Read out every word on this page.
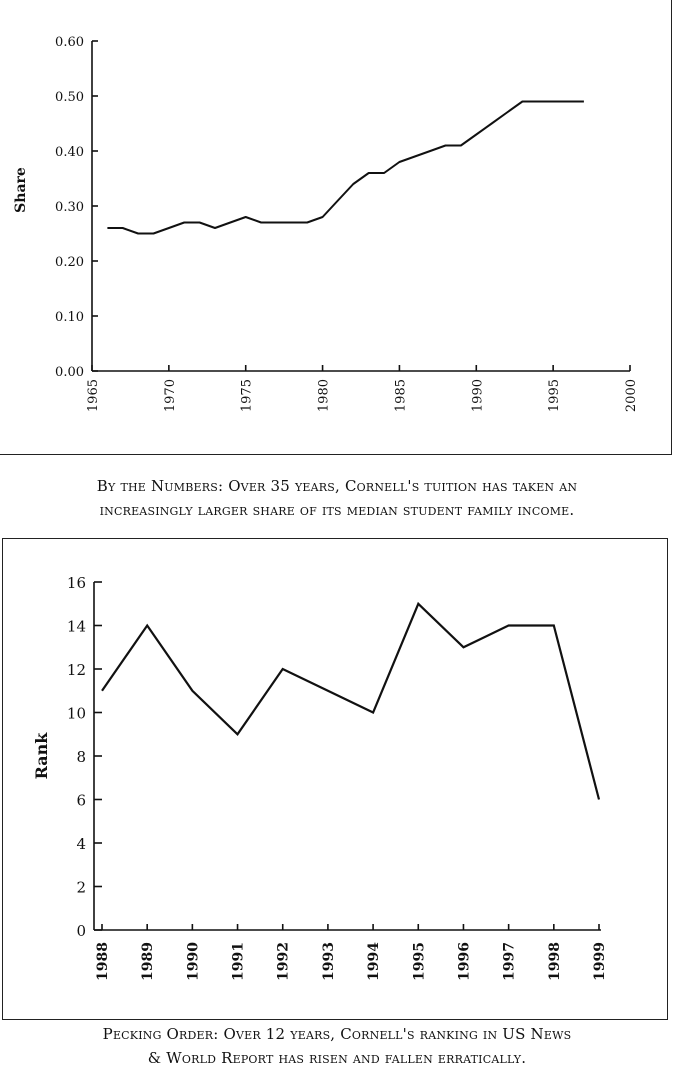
0.00
0.10
0.20
0.30
0.40
0.50
0.60
1965	1970	1975	1980	1985	1990	1995	2000
Share
0
2
4
6
8
10
12
14
16
1988 1989 1990 1991 1992 1993 1994 1995 1996 1997 1998 1999
Rank
By the Numbers: Over 35 years, Cornell's tuition has taken an
increasingly larger share of its median student family income.
Pecking Order: Over 12 years, Cornell's ranking in US News
& World Report has risen and fallen erratically.
